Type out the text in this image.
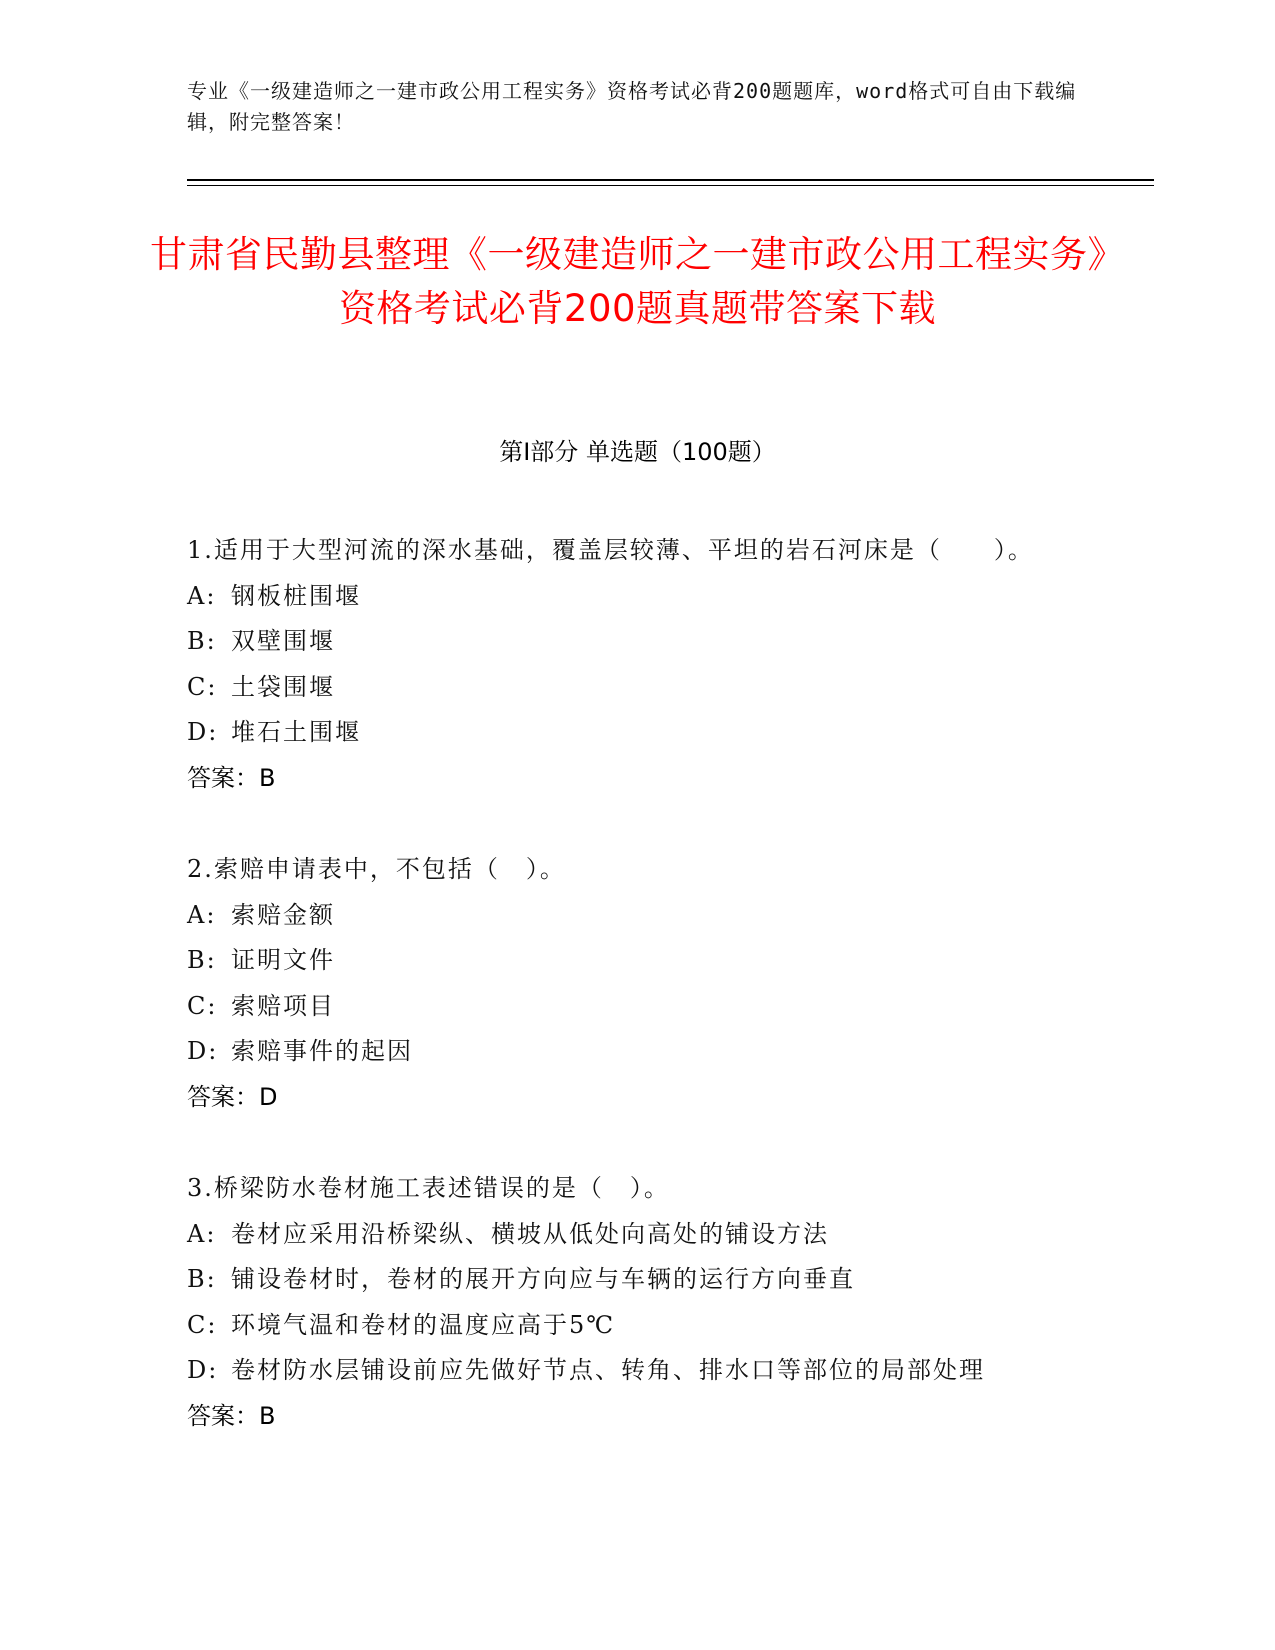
专业《一级建造师之一建市政公用工程实务》资格考试必背200题题库，word格式可自由下载编辑，附完整答案！
甘肃省民勤县整理《一级建造师之一建市政公用工程实务》资格考试必背200题真题带答案下载
第I部分 单选题（100题）
1.适用于大型河流的深水基础，覆盖层较薄、平坦的岩石河床是（　　）。
A: 钢板桩围堰
B: 双壁围堰
C: 土袋围堰
D: 堆石土围堰
答案：B
2.索赔申请表中，不包括（　）。
A: 索赔金额
B: 证明文件
C: 索赔项目
D: 索赔事件的起因
答案：D
3.桥梁防水卷材施工表述错误的是（　）。
A: 卷材应采用沿桥梁纵、横坡从低处向高处的铺设方法
B: 铺设卷材时，卷材的展开方向应与车辆的运行方向垂直
C: 环境气温和卷材的温度应高于5℃
D: 卷材防水层铺设前应先做好节点、转角、排水口等部位的局部处理
答案：B
